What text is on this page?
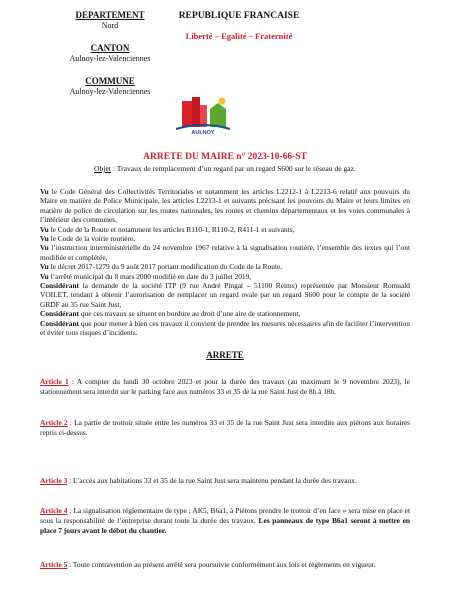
DEPARTEMENT
Nord
CANTON
Aulnoy-lez-Valenciennes
COMMUNE
Aulnoy-lez-Valenciennes
REPUBLIQUE FRANCAISE
Liberté – Egalité – Fraternité
AULNOY
ARRETE DU MAIRE n° 2023-10-66-ST
Objet : Travaux de remplacement d’un regard par un regard S600 sur le réseau de gaz.

Vu le Code Général des Collectivités Territoriales et notamment les articles L2212-1 à L2213-6 relatif aux pouvoirs du Maire en matière de Police Municipale, les articles L2213-1 et suivants précisant les pouvoirs du Maire et leurs limites en matière de police de circulation sur les routes nationales, les routes et chemins départementaux et les voies communales à l’intérieur des communes,

Vu le Code de la Route et notamment les articles R110-1, R110-2, R411-1 et suivants,

Vu le Code de la voirie routière,

Vu l’instruction interministérielle du 24 novembre 1967 relative à la signalisation routière, l’ensemble des textes qui l’ont modifiée et complétée,

Vu le décret 2017-1279 du 9 août 2017 portant modification du Code de la Route,

Vu l’arrêté municipal du 8 mars 2000 modifié en date du 3 juillet 2019,

Considérant la demande de la société ITP (9 rue André Pingat – 51100 Reims) représentée par Monsieur Romuald VOILET, tendant à obtenir l’autorisation de remplacer un regard ovale par un regard S600 pour le compte de la société GRDF au 35 rue Saint Just,

Considérant que ces travaux se situent en bordure au droit d’une aire de stationnement,

Considérant que pour mener à bien ces travaux il convient de prendre les mesures nécessaires afin de faciliter l’intervention et éviter tous risques d’incidents.

ARRETE
Article 1 : A compter du lundi 30 octobre 2023 et pour la durée des travaux (au maximum le 9 novembre 2023), le stationnement sera interdit sur le parking face aux numéros 33 et 35 de la rue Saint Just de 8h à 18h.
Article 2 : La partie de trottoir située entre les numéros 33 et 35 de la rue Saint Just sera interdite aux piétons aux horaires repris ci-dessus.
Article 3 : L’accès aux habitations 33 et 35 de la rue Saint Just sera maintenu pendant la durée des travaux.
Article 4 : La signalisation réglementaire de type ; AK5, B6a1, à Piétons prendre le trottoir d’en face » sera mise en place et sous la responsabilité de l’entreprise durant toute la durée des travaux. Les panneaux de type B6a1 seront à mettre en place 7 jours avant le début du chantier.
Article 5 : Toute contravention au présent arrêté sera poursuivie conformément aux lois et règlements en vigueur.
